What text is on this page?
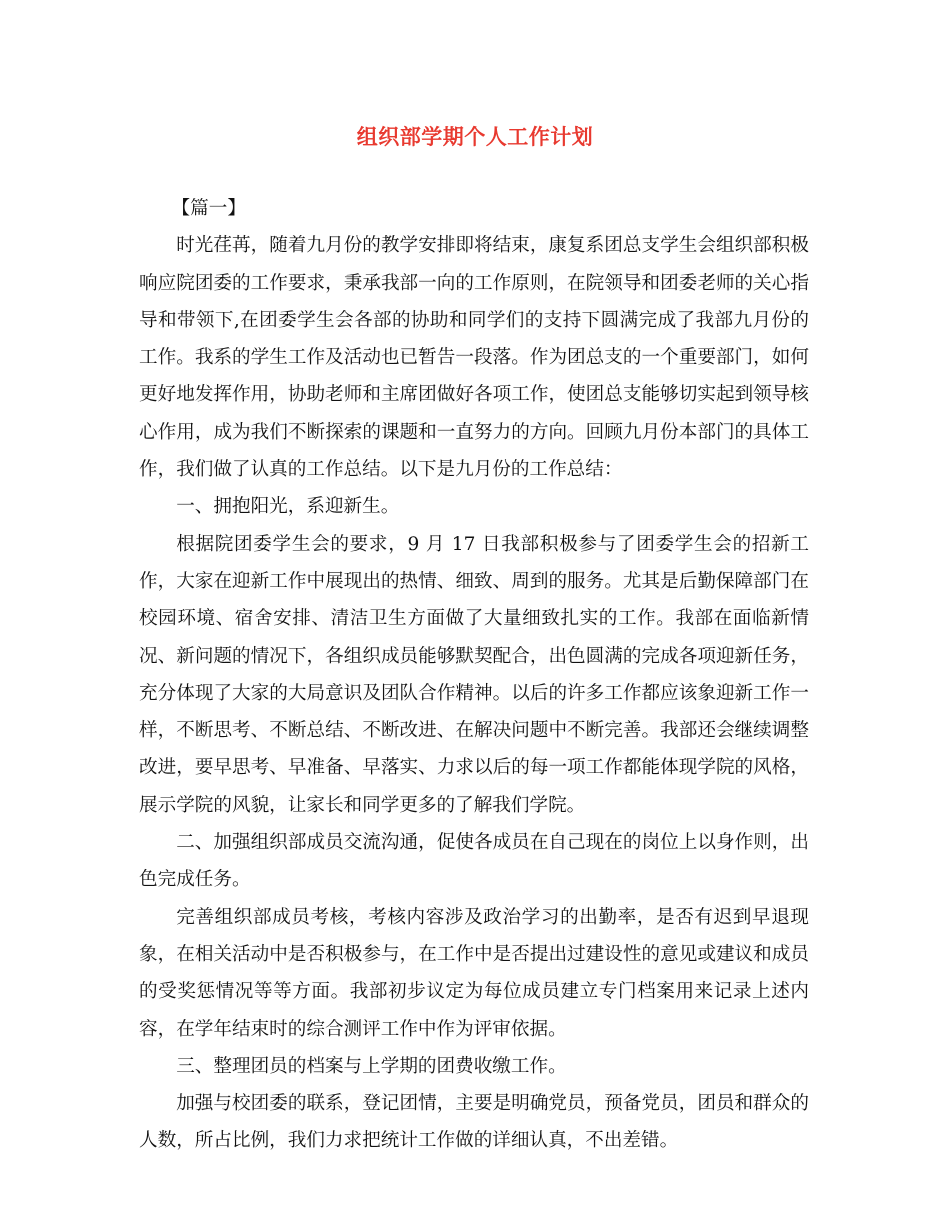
组织部学期个人工作计划

【篇一】

时光荏苒，随着九月份的教学安排即将结束，康复系团总支学生会组织部积极响应院团委的工作要求，秉承我部一向的工作原则，在院领导和团委老师的关心指导和带领下,在团委学生会各部的协助和同学们的支持下圆满完成了我部九月份的工作。我系的学生工作及活动也已暂告一段落。作为团总支的一个重要部门，如何更好地发挥作用，协助老师和主席团做好各项工作，使团总支能够切实起到领导核心作用，成为我们不断探索的课题和一直努力的方向。回顾九月份本部门的具体工作，我们做了认真的工作总结。以下是九月份的工作总结：

一、拥抱阳光，系迎新生。

根据院团委学生会的要求，9 月 17 日我部积极参与了团委学生会的招新工作，大家在迎新工作中展现出的热情、细致、周到的服务。尤其是后勤保障部门在校园环境、宿舍安排、清洁卫生方面做了大量细致扎实的工作。我部在面临新情况、新问题的情况下，各组织成员能够默契配合，出色圆满的完成各项迎新任务，充分体现了大家的大局意识及团队合作精神。以后的许多工作都应该象迎新工作一样，不断思考、不断总结、不断改进、在解决问题中不断完善。我部还会继续调整改进，要早思考、早准备、早落实、力求以后的每一项工作都能体现学院的风格，展示学院的风貌，让家长和同学更多的了解我们学院。

二、加强组织部成员交流沟通，促使各成员在自己现在的岗位上以身作则，出色完成任务。

完善组织部成员考核，考核内容涉及政治学习的出勤率，是否有迟到早退现象，在相关活动中是否积极参与，在工作中是否提出过建设性的意见或建议和成员的受奖惩情况等等方面。我部初步议定为每位成员建立专门档案用来记录上述内容，在学年结束时的综合测评工作中作为评审依据。

三、整理团员的档案与上学期的团费收缴工作。

加强与校团委的联系，登记团情，主要是明确党员，预备党员，团员和群众的人数，所占比例，我们力求把统计工作做的详细认真，不出差错。
